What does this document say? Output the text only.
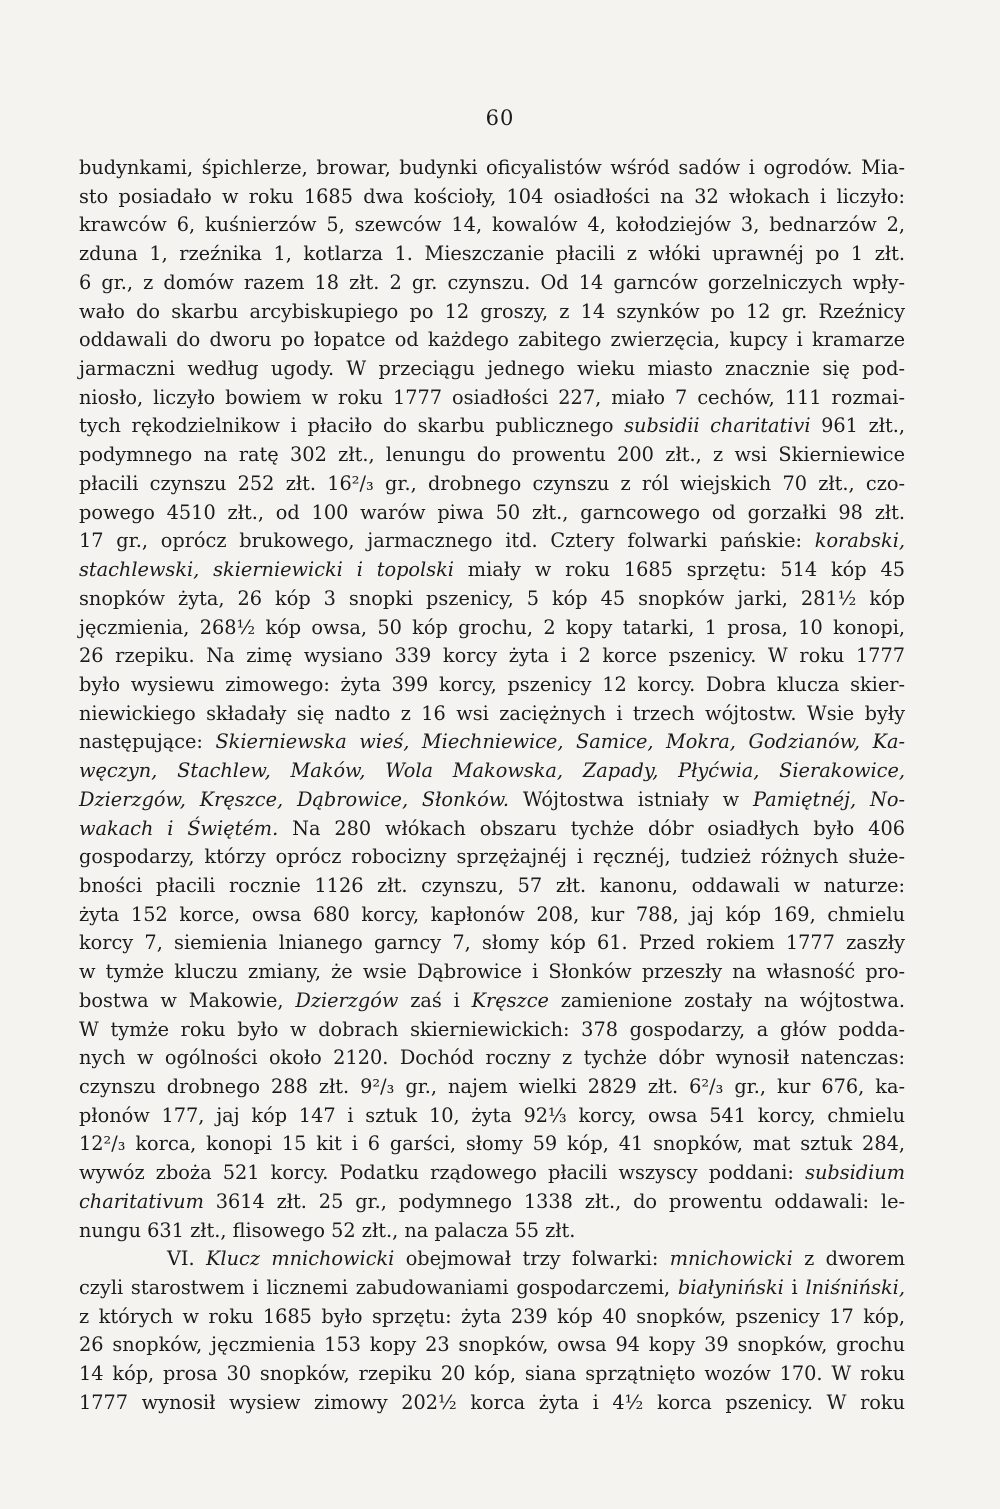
60
budynkami, śpichlerze, browar, budynki oficyalistów wśród sadów i ogrodów. Mia-
sto posiadało w roku 1685 dwa kościoły, 104 osiadłości na 32 włokach i liczyło:
krawców 6, kuśnierzów 5, szewców 14, kowalów 4, kołodziejów 3, bednarzów 2,
zduna 1, rzeźnika 1, kotlarza 1. Mieszczanie płacili z włóki uprawnéj po 1 złt.
6 gr., z domów razem 18 złt. 2 gr. czynszu. Od 14 garnców gorzelniczych wpły-
wało do skarbu arcybiskupiego po 12 groszy, z 14 szynków po 12 gr. Rzeźnicy
oddawali do dworu po łopatce od każdego zabitego zwierzęcia, kupcy i kramarze
jarmaczni według ugody. W przeciągu jednego wieku miasto znacznie się pod-
niosło, liczyło bowiem w roku 1777 osiadłości 227, miało 7 cechów, 111 rozmai-
tych rękodzielnikow i płaciło do skarbu publicznego subsidii charitativi 961 złt.,
podymnego na ratę 302 złt., lenungu do prowentu 200 złt., z wsi Skierniewice
płacili czynszu 252 złt. 16²/₃ gr., drobnego czynszu z ról wiejskich 70 złt., czo-
powego 4510 złt., od 100 warów piwa 50 złt., garncowego od gorzałki 98 złt.
17 gr., oprócz brukowego, jarmacznego itd. Cztery folwarki pańskie: korabski,
stachlewski, skierniewicki i topolski miały w roku 1685 sprzętu: 514 kóp 45
snopków żyta, 26 kóp 3 snopki pszenicy, 5 kóp 45 snopków jarki, 281½ kóp
jęczmienia, 268½ kóp owsa, 50 kóp grochu, 2 kopy tatarki, 1 prosa, 10 konopi,
26 rzepiku. Na zimę wysiano 339 korcy żyta i 2 korce pszenicy. W roku 1777
było wysiewu zimowego: żyta 399 korcy, pszenicy 12 korcy. Dobra klucza skier-
niewickiego składały się nadto z 16 wsi zaciężnych i trzech wójtostw. Wsie były
następujące: Skierniewska wieś, Miechniewice, Samice, Mokra, Godzianów, Ka-
węczyn, Stachlew, Maków, Wola Makowska, Zapady, Płyćwia, Sierakowice,
Dzierzgów, Kręszce, Dąbrowice, Słonków. Wójtostwa istniały w Pamiętnéj, No-
wakach i Świętém. Na 280 włókach obszaru tychże dóbr osiadłych było 406
gospodarzy, którzy oprócz robocizny sprzężajnéj i ręcznéj, tudzież różnych służe-
bności płacili rocznie 1126 złt. czynszu, 57 złt. kanonu, oddawali w naturze:
żyta 152 korce, owsa 680 korcy, kapłonów 208, kur 788, jaj kóp 169, chmielu
korcy 7, siemienia lnianego garncy 7, słomy kóp 61. Przed rokiem 1777 zaszły
w tymże kluczu zmiany, że wsie Dąbrowice i Słonków przeszły na własność pro-
bostwa w Makowie, Dzierzgów zaś i Kręszce zamienione zostały na wójtostwa.
W tymże roku było w dobrach skierniewickich: 378 gospodarzy, a głów podda-
nych w ogólności około 2120. Dochód roczny z tychże dóbr wynosił natenczas:
czynszu drobnego 288 złt. 9²/₃ gr., najem wielki 2829 złt. 6²/₃ gr., kur 676, ka-
płonów 177, jaj kóp 147 i sztuk 10, żyta 92⅓ korcy, owsa 541 korcy, chmielu
12²/₃ korca, konopi 15 kit i 6 garści, słomy 59 kóp, 41 snopków, mat sztuk 284,
wywóz zboża 521 korcy. Podatku rządowego płacili wszyscy poddani: subsidium
charitativum 3614 złt. 25 gr., podymnego 1338 złt., do prowentu oddawali: le-
nungu 631 złt., flisowego 52 złt., na palacza 55 złt.
VI. Klucz mnichowicki obejmował trzy folwarki: mnichowicki z dworem
czyli starostwem i licznemi zabudowaniami gospodarczemi, białyniński i lniśniński,
z których w roku 1685 było sprzętu: żyta 239 kóp 40 snopków, pszenicy 17 kóp,
26 snopków, jęczmienia 153 kopy 23 snopków, owsa 94 kopy 39 snopków, grochu
14 kóp, prosa 30 snopków, rzepiku 20 kóp, siana sprzątnięto wozów 170. W roku
1777 wynosił wysiew zimowy 202½ korca żyta i 4½ korca pszenicy. W roku
